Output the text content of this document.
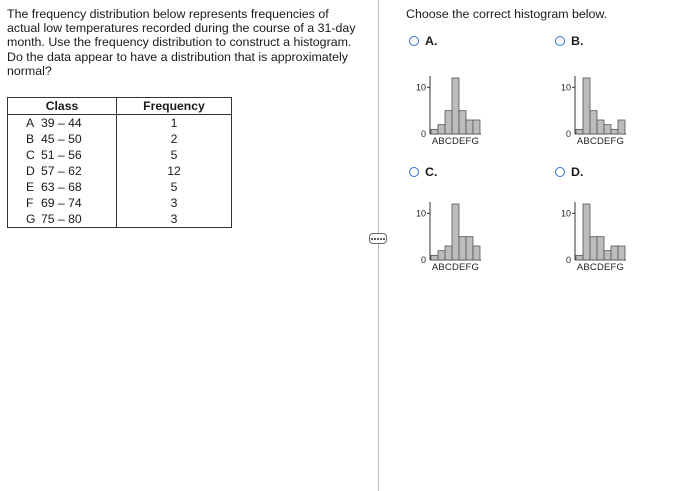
The frequency distribution below represents frequencies of actual low temperatures recorded during the course of a 31-day month. Use the frequency distribution to construct a histogram. Do the data appear to have a distribution that is approximately normal?

Class	Frequency
A 39 – 44	1
B 45 – 50	2
C 51 – 56	5
D 57 – 62	12
E 63 – 68	5
F 69 – 74	3
G 75 – 80	3

Choose the correct histogram below.

A.	B.
C.	D.
10
0
ABCDEFG
10
0
ABCDEFG
10
0
ABCDEFG
10
0
ABCDEFG
